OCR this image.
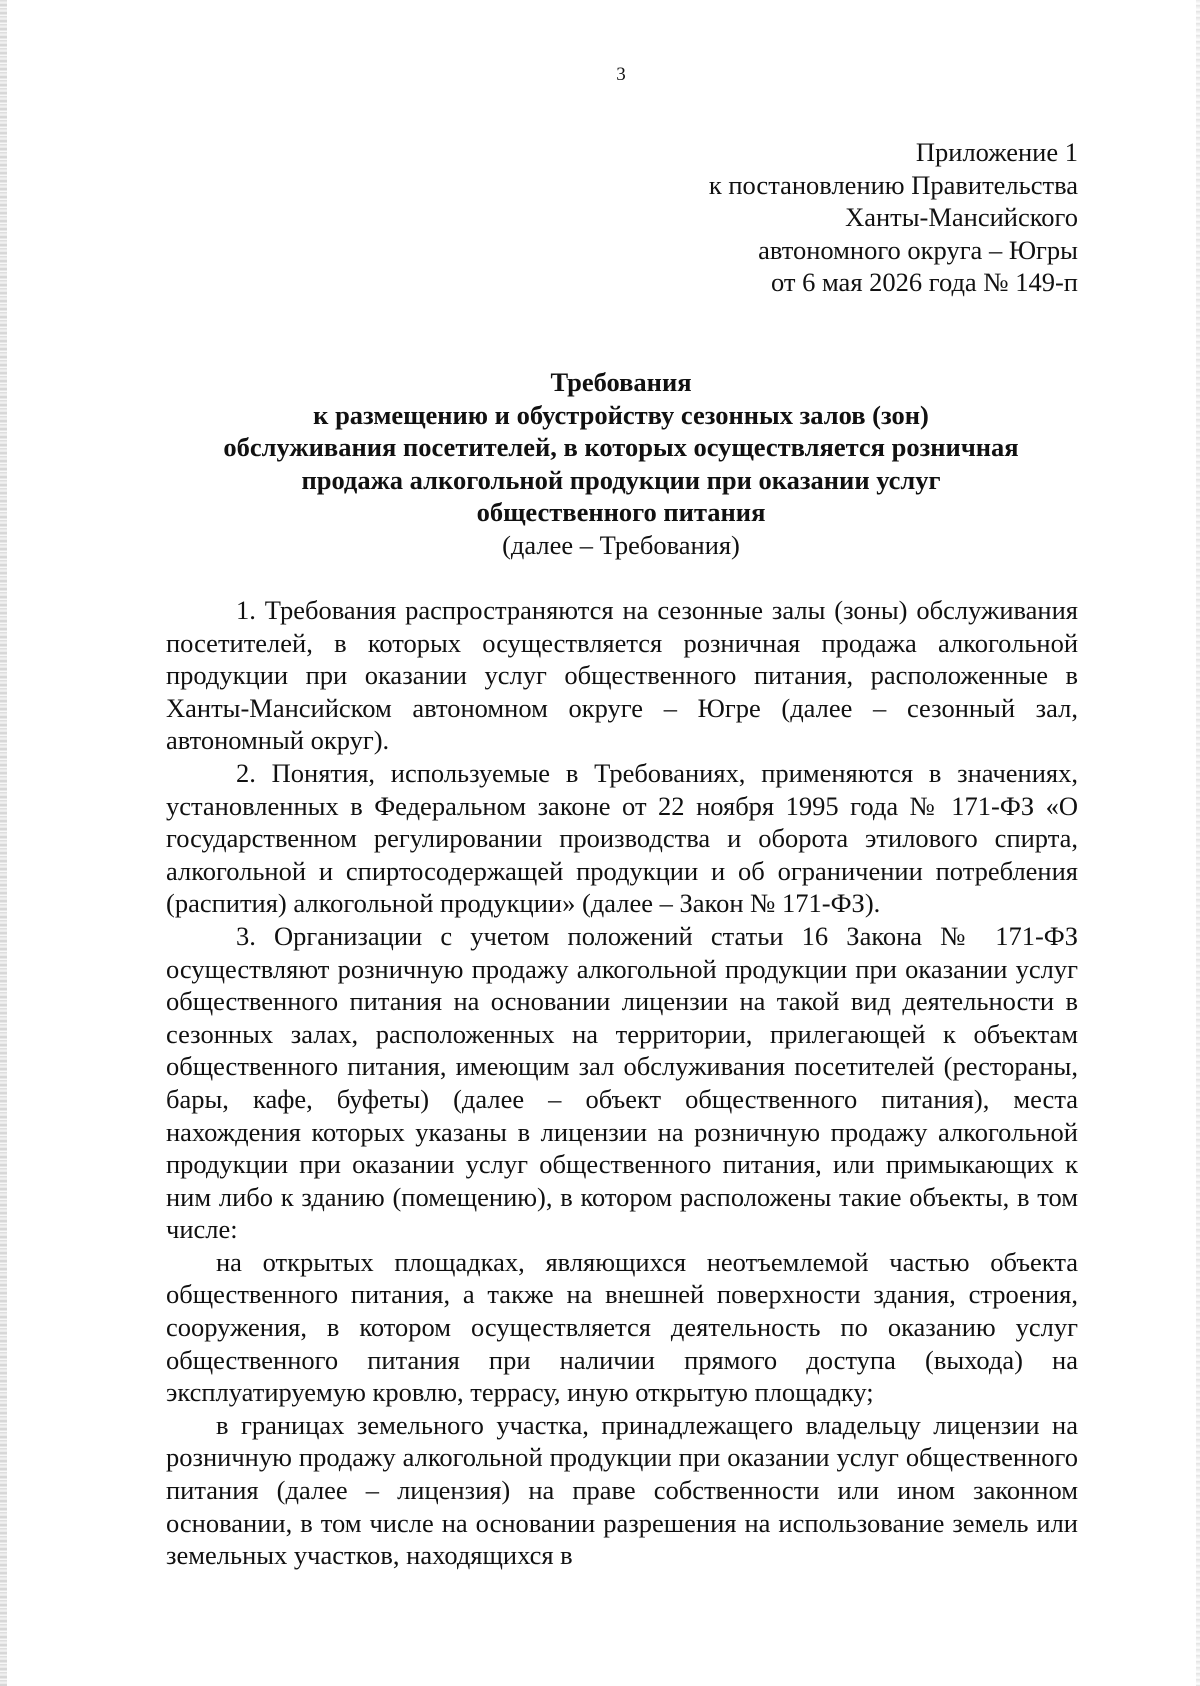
3
Приложение 1
к постановлению Правительства
Ханты-Мансийского
автономного округа – Югры
от 6 мая 2026 года № 149-п
Требования
к размещению и обустройству сезонных залов (зон)
обслуживания посетителей, в которых осуществляется розничная
продажа алкогольной продукции при оказании услуг
общественного питания
(далее – Требования)

1. Требования распространяются на сезонные залы (зоны) обслуживания посетителей, в которых осуществляется розничная продажа алкогольной продукции при оказании услуг общественного питания, расположенные в Ханты-Мансийском автономном округе – Югре (далее – сезонный зал, автономный округ).

2. Понятия, используемые в Требованиях, применяются в значениях, установленных в Федеральном законе от 22 ноября 1995 года № 171-ФЗ «О государственном регулировании производства и оборота этилового спирта, алкогольной и спиртосодержащей продукции и об ограничении потребления (распития) алкогольной продукции» (далее – Закон № 171-ФЗ).

3. Организации с учетом положений статьи 16 Закона № 171-ФЗ осуществляют розничную продажу алкогольной продукции при оказании услуг общественного питания на основании лицензии на такой вид деятельности в сезонных залах, расположенных на территории, прилегающей к объектам общественного питания, имеющим зал обслуживания посетителей (рестораны, бары, кафе, буфеты) (далее – объект общественного питания), места нахождения которых указаны в лицензии на розничную продажу алкогольной продукции при оказании услуг общественного питания, или примыкающих к ним либо к зданию (помещению), в котором расположены такие объекты, в том числе:

на открытых площадках, являющихся неотъемлемой частью объекта общественного питания, а также на внешней поверхности здания, строения, сооружения, в котором осуществляется деятельность по оказанию услуг общественного питания при наличии прямого доступа (выхода) на эксплуатируемую кровлю, террасу, иную открытую площадку;

в границах земельного участка, принадлежащего владельцу лицензии на розничную продажу алкогольной продукции при оказании услуг общественного питания (далее – лицензия) на праве собственности или ином законном основании, в том числе на основании разрешения на использование земель или земельных участков, находящихся в
